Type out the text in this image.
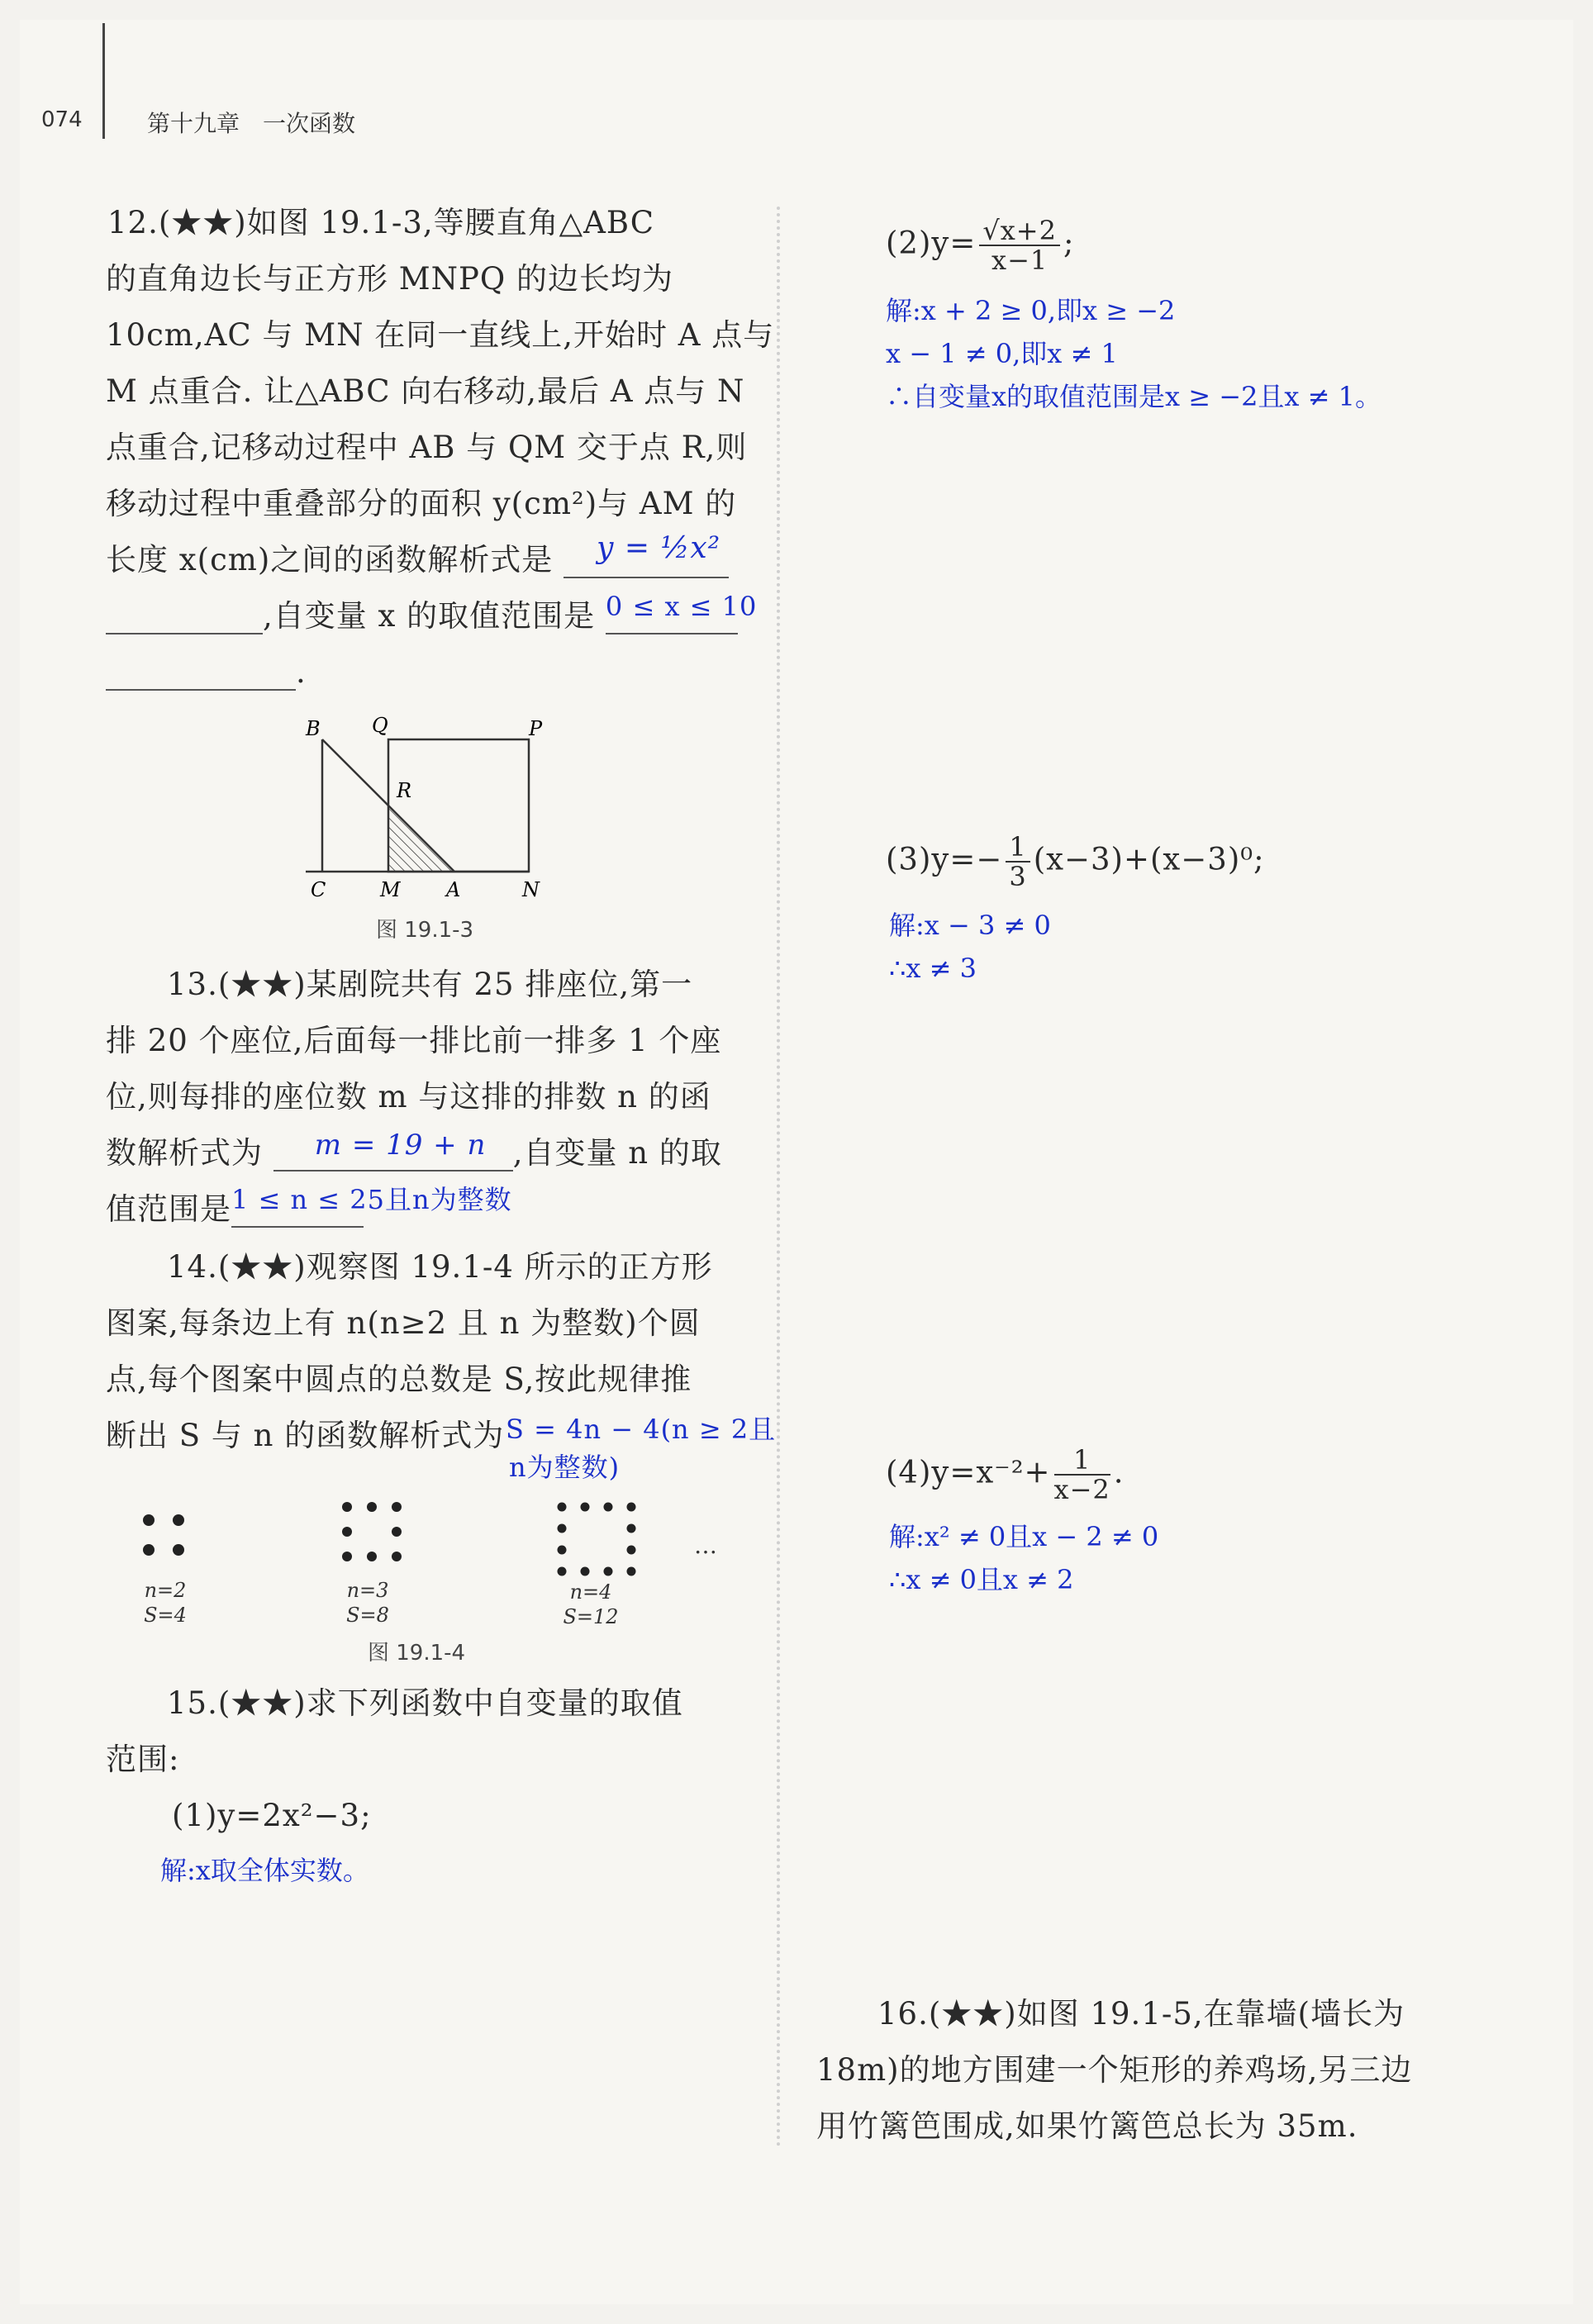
074	第十九章　一次函数
12.(★★)如图 19.1-3,等腰直角△ABC
的直角边长与正方形 MNPQ 的边长均为
10cm,AC 与 MN 在同一直线上,开始时 A 点与
M 点重合. 让△ABC 向右移动,最后 A 点与 N
点重合,记移动过程中 AB 与 QM 交于点 R,则
移动过程中重叠部分的面积 y(cm²)与 AM 的
长度 x(cm)之间的函数解析式是 y = ½x²
,自变量 x 的取值范围是 0 ≤ x ≤ 10
.
B	Q	P
R
C	M A	N
图 19.1-3
13.(★★)某剧院共有 25 排座位,第一
排 20 个座位,后面每一排比前一排多 1 个座
位,则每排的座位数 m 与这排的排数 n 的函
数解析式为 m = 19 + n ,自变量 n 的取
值范围是 1 ≤ n ≤ 25且n为整数
14.(★★)观察图 19.1-4 所示的正方形
图案,每条边上有 n(n≥2 且 n 为整数)个圆
点,每个图案中圆点的总数是 S,按此规律推
断出 S 与 n 的函数解析式为 S = 4n − 4(n ≥ 2且
n为整数)
…
n=2
S=4
n=3
S=8
n=4
S=12
图 19.1-4
15.(★★)求下列函数中自变量的取值
范围:
(1)y=2x²−3;
解:x取全体实数。
$(2)y= \frac{√x+2}{x-1}$ ;
解:x + 2 ≥ 0,即x ≥ −2
x − 1 ≠ 0,即x ≠ 1
∴自变量x的取值范围是x ≥ −2且x ≠ 1。
$(3)y=- \frac{1}{3} (x-3)+(x-3)^0$;
解:x − 3 ≠ 0
∴x ≠ 3
$(4)y=x^{-2}+ \frac{1}{x-2}$ .
解:x² ≠ 0且x − 2 ≠ 0
∴x ≠ 0且x ≠ 2
16.(★★)如图 19.1-5,在靠墙(墙长为
18m)的地方围建一个矩形的养鸡场,另三边
用竹篱笆围成,如果竹篱笆总长为 35m.
